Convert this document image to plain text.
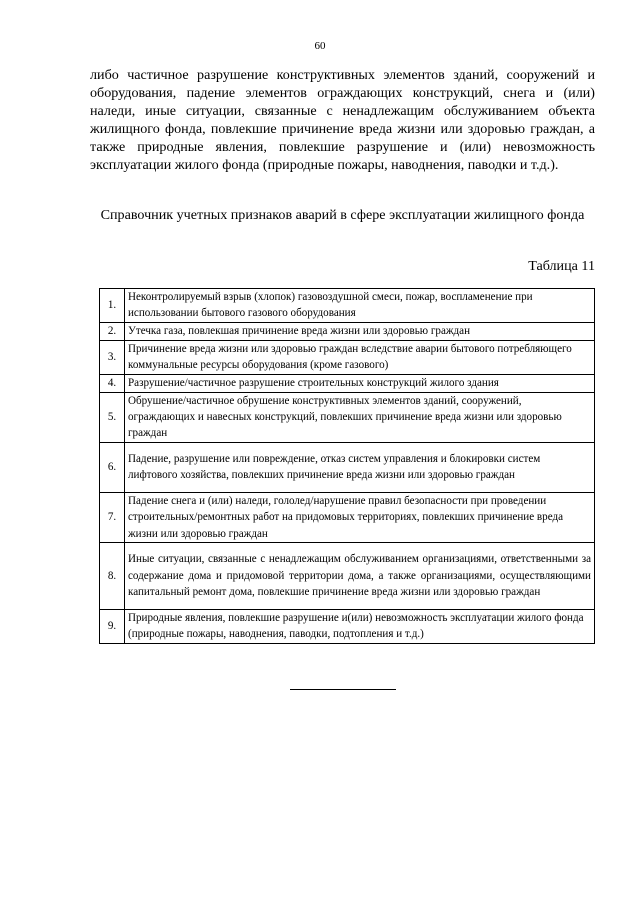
60

либо частичное разрушение конструктивных элементов зданий, сооружений и оборудования, падение элементов ограждающих конструкций, снега и (или) наледи, иные ситуации, связанные с ненадлежащим обслуживанием объекта жилищного фонда, повлекшие причинение вреда жизни или здоровью граждан, а также природные явления, повлекшие разрушение и (или) невозможность эксплуатации жилого фонда (природные пожары, наводнения, паводки и т.д.).

Справочник учетных признаков аварий в сфере эксплуатации жилищного фонда

Таблица 11

1.	Неконтролируемый взрыв (хлопок) газовоздушной смеси, пожар, воспламенение при использовании бытового газового оборудования
2.	Утечка газа, повлекшая причинение вреда жизни или здоровью граждан
3.	Причинение вреда жизни или здоровью граждан вследствие аварии бытового потребляющего коммунальные ресурсы оборудования (кроме газового)
4.	Разрушение/частичное разрушение строительных конструкций жилого здания
5.	Обрушение/частичное обрушение конструктивных элементов зданий, сооружений, ограждающих и навесных конструкций, повлекших причинение вреда жизни или здоровью граждан
6.	Падение, разрушение или повреждение, отказ систем управления и блокировки систем лифтового хозяйства, повлекших причинение вреда жизни или здоровью граждан
7.	Падение снега и (или) наледи, гололед/нарушение правил безопасности при проведении строительных/ремонтных работ на придомовых территориях, повлекших причинение вреда жизни или здоровью граждан
8.	Иные ситуации, связанные с ненадлежащим обслуживанием организациями, ответственными за содержание дома и придомовой территории дома, а также организациями, осуществляющими капитальный ремонт дома, повлекшие причинение вреда жизни или здоровью граждан
9.	Природные явления, повлекшие разрушение и(или) невозможность эксплуатации жилого фонда (природные пожары, наводнения, паводки, подтопления и т.д.)
